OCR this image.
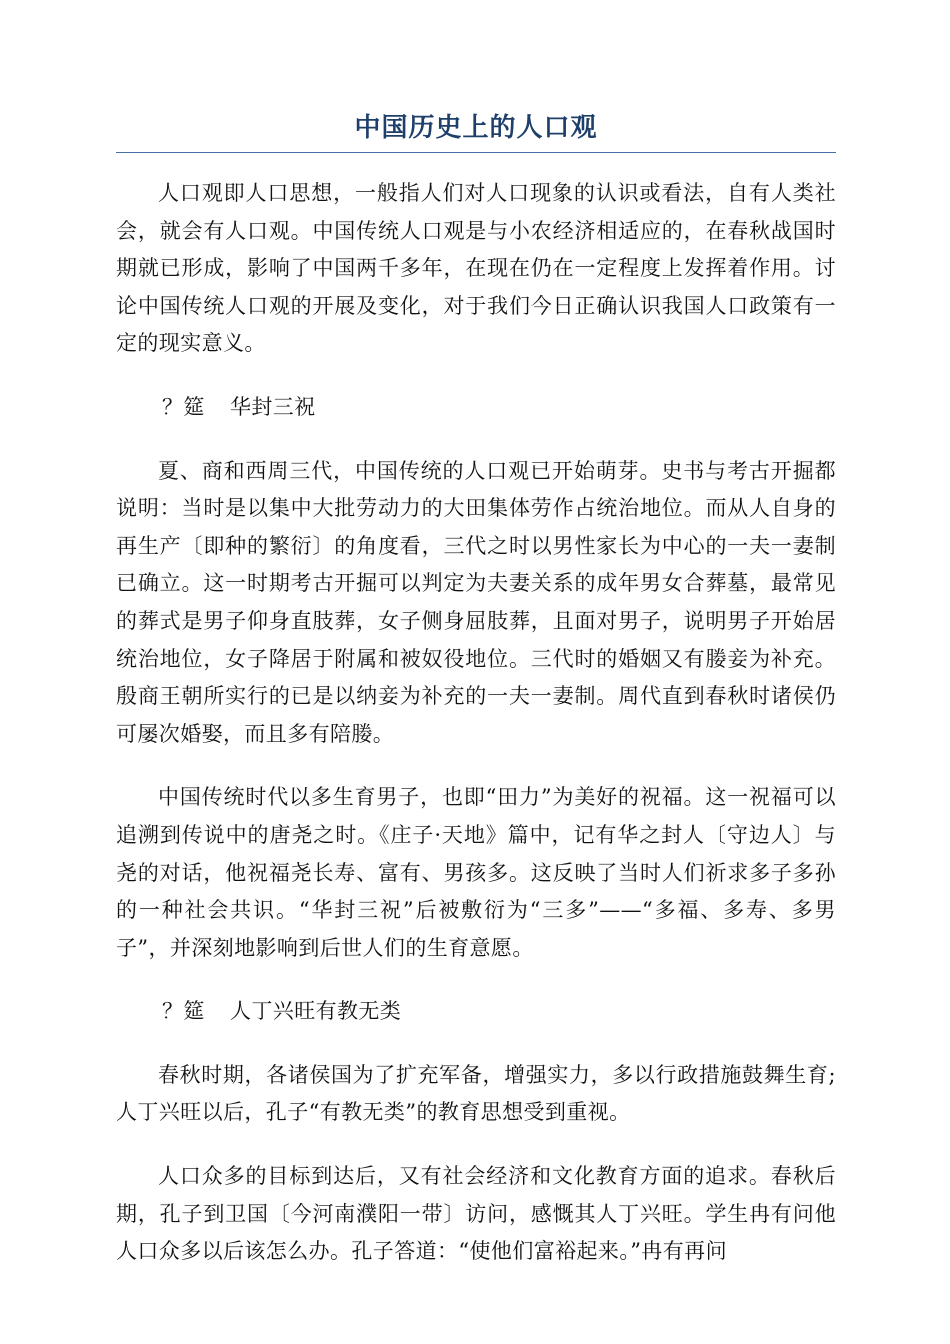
中国历史上的人口观

人口观即人口思想，一般指人们对人口现象的认识或看法，自有人类社会，就会有人口观。中国传统人口观是与小农经济相适应的，在春秋战国时期就已形成，影响了中国两千多年，在现在仍在一定程度上发挥着作用。讨论中国传统人口观的开展及变化，对于我们今日正确认识我国人口政策有一定的现实意义。

？筵 华封三祝

夏、商和西周三代，中国传统的人口观已开始萌芽。史书与考古开掘都说明：当时是以集中大批劳动力的大田集体劳作占统治地位。而从人自身的再生产〔即种的繁衍〕的角度看，三代之时以男性家长为中心的一夫一妻制已确立。这一时期考古开掘可以判定为夫妻关系的成年男女合葬墓，最常见的葬式是男子仰身直肢葬，女子侧身屈肢葬，且面对男子，说明男子开始居统治地位，女子降居于附属和被奴役地位。三代时的婚姻又有媵妾为补充。殷商王朝所实行的已是以纳妾为补充的一夫一妻制。周代直到春秋时诸侯仍可屡次婚娶，而且多有陪媵。

中国传统时代以多生育男子，也即“田力”为美好的祝福。这一祝福可以追溯到传说中的唐尧之时。《庄子·天地》篇中，记有华之封人〔守边人〕与尧的对话，他祝福尧长寿、富有、男孩多。这反映了当时人们祈求多子多孙的一种社会共识。“华封三祝”后被敷衍为“三多”——“多福、多寿、多男子”，并深刻地影响到后世人们的生育意愿。

？筵 人丁兴旺有教无类

春秋时期，各诸侯国为了扩充军备，增强实力，多以行政措施鼓舞生育;人丁兴旺以后，孔子“有教无类”的教育思想受到重视。

人口众多的目标到达后，又有社会经济和文化教育方面的追求。春秋后期，孔子到卫国〔今河南濮阳一带〕访问，感慨其人丁兴旺。学生冉有问他人口众多以后该怎么办。孔子答道：“使他们富裕起来。”冉有再问
